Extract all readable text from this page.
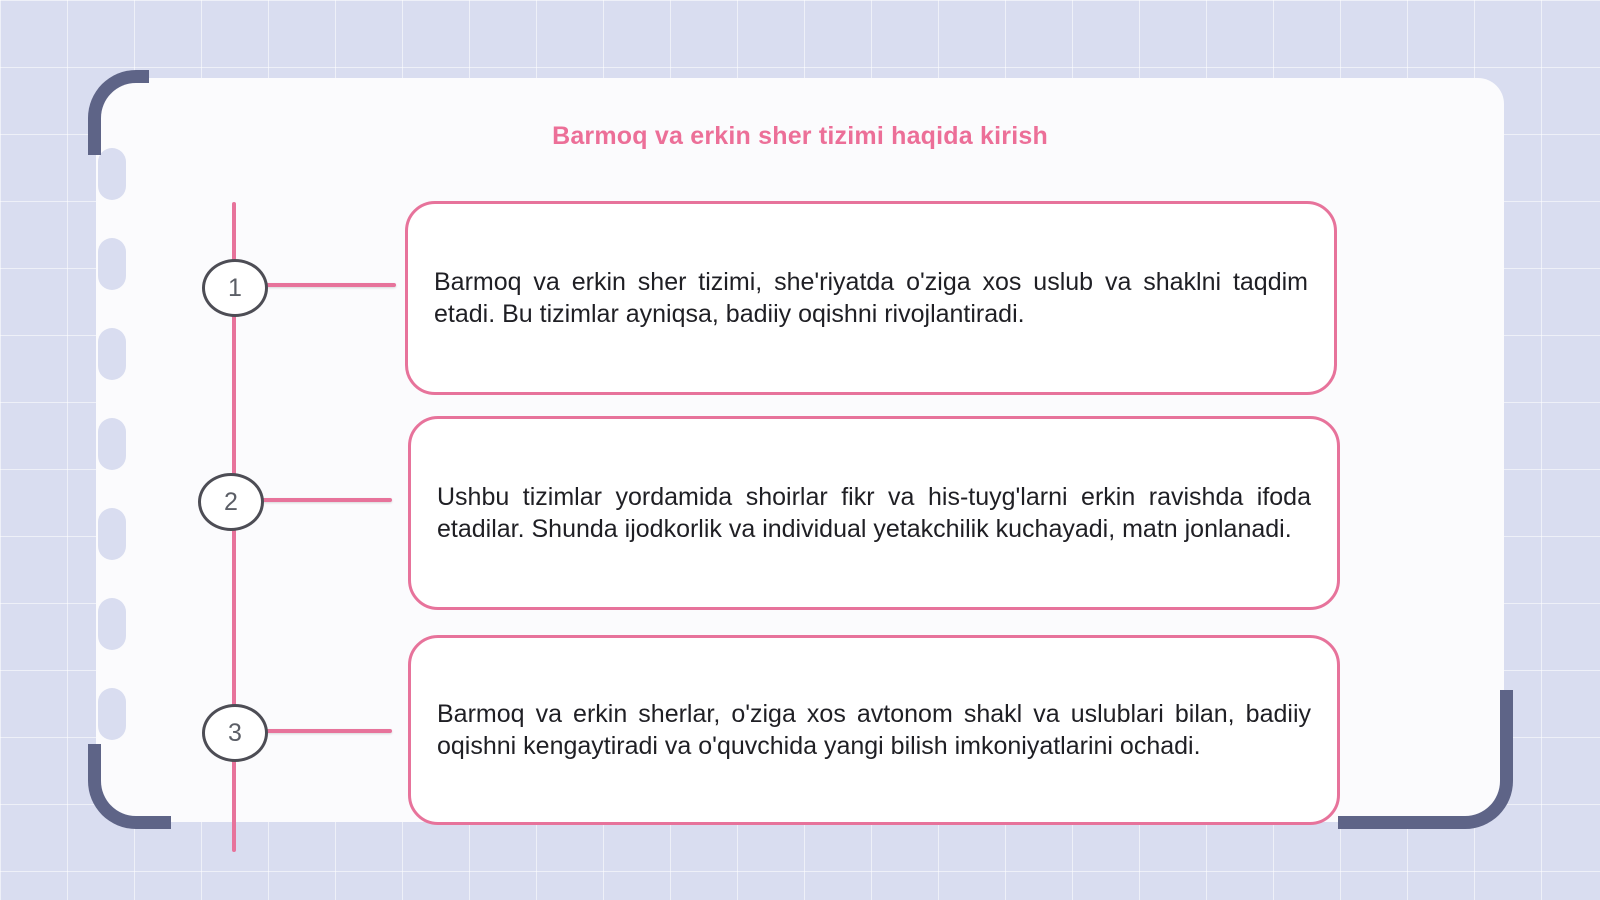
Barmoq va erkin sher tizimi haqida kirish
1
2
3

Barmoq va erkin sher tizimi, she'riyatda o'ziga xos uslub va shaklni taqdim etadi. Bu tizimlar ayniqsa, badiiy oqishni rivojlantiradi.

Ushbu tizimlar yordamida shoirlar fikr va his-tuyg'larni erkin ravishda ifoda etadilar. Shunda ijodkorlik va individual yetakchilik kuchayadi, matn jonlanadi.

Barmoq va erkin sherlar, o'ziga xos avtonom shakl va uslublari bilan, badiiy oqishni kengaytiradi va o'quvchida yangi bilish imkoniyatlarini ochadi.
